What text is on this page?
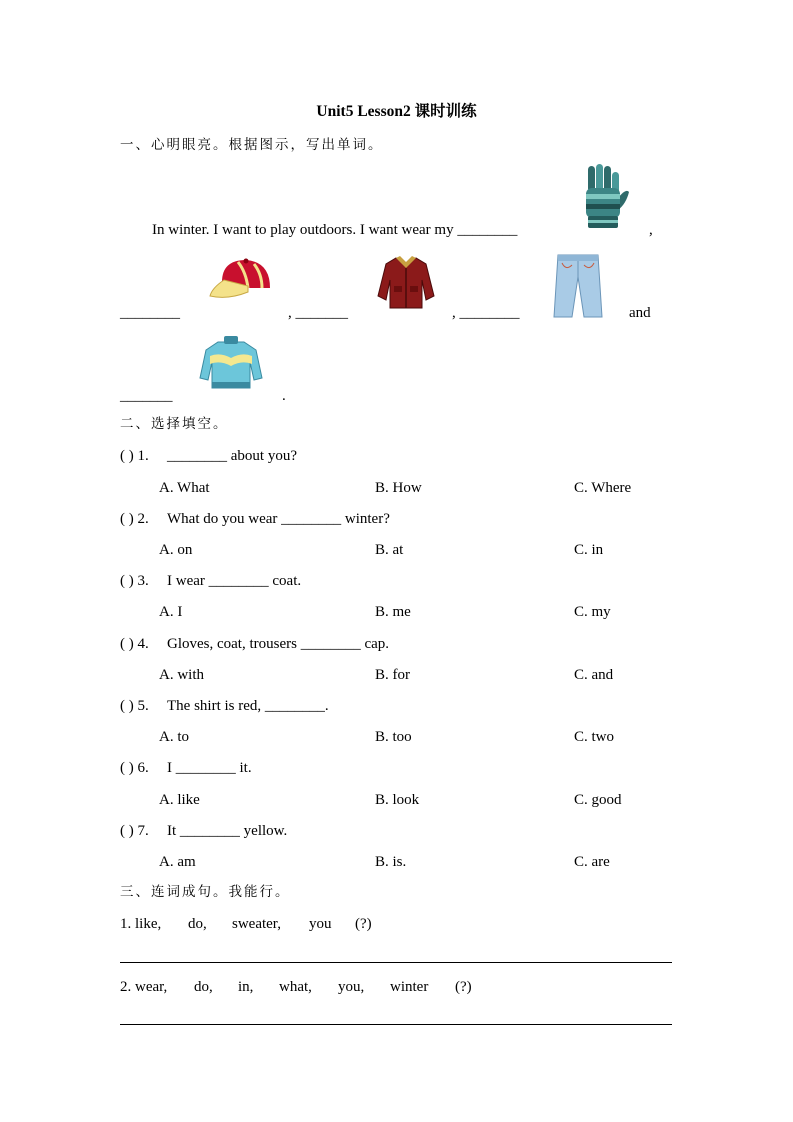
Unit5 Lesson2 课时训练
一、心明眼亮。根据图示，写出单词。
In winter. I want to play outdoors. I want wear my ________	,
________	, _______	, ________	and
_______	.
二、选择填空。
( ) 1. ________ about you?
A. What	B. How	C. Where
( ) 2. What do you wear ________ winter?
A. on	B. at	C. in
( ) 3. I wear ________ coat.
A. I	B. me	C. my
( ) 4. Gloves, coat, trousers ________ cap.
A. with	B. for	C. and
( ) 5. The shirt is red, ________.
A. to	B. too	C. two
( ) 6. I ________ it.
A. like	B. look	C. good
( ) 7. It ________ yellow.
A. am	B. is.	C. are
三、连词成句。我能行。
1. like, do, sweater, you (?)
2. wear, do, in, what, you, winter (?)
